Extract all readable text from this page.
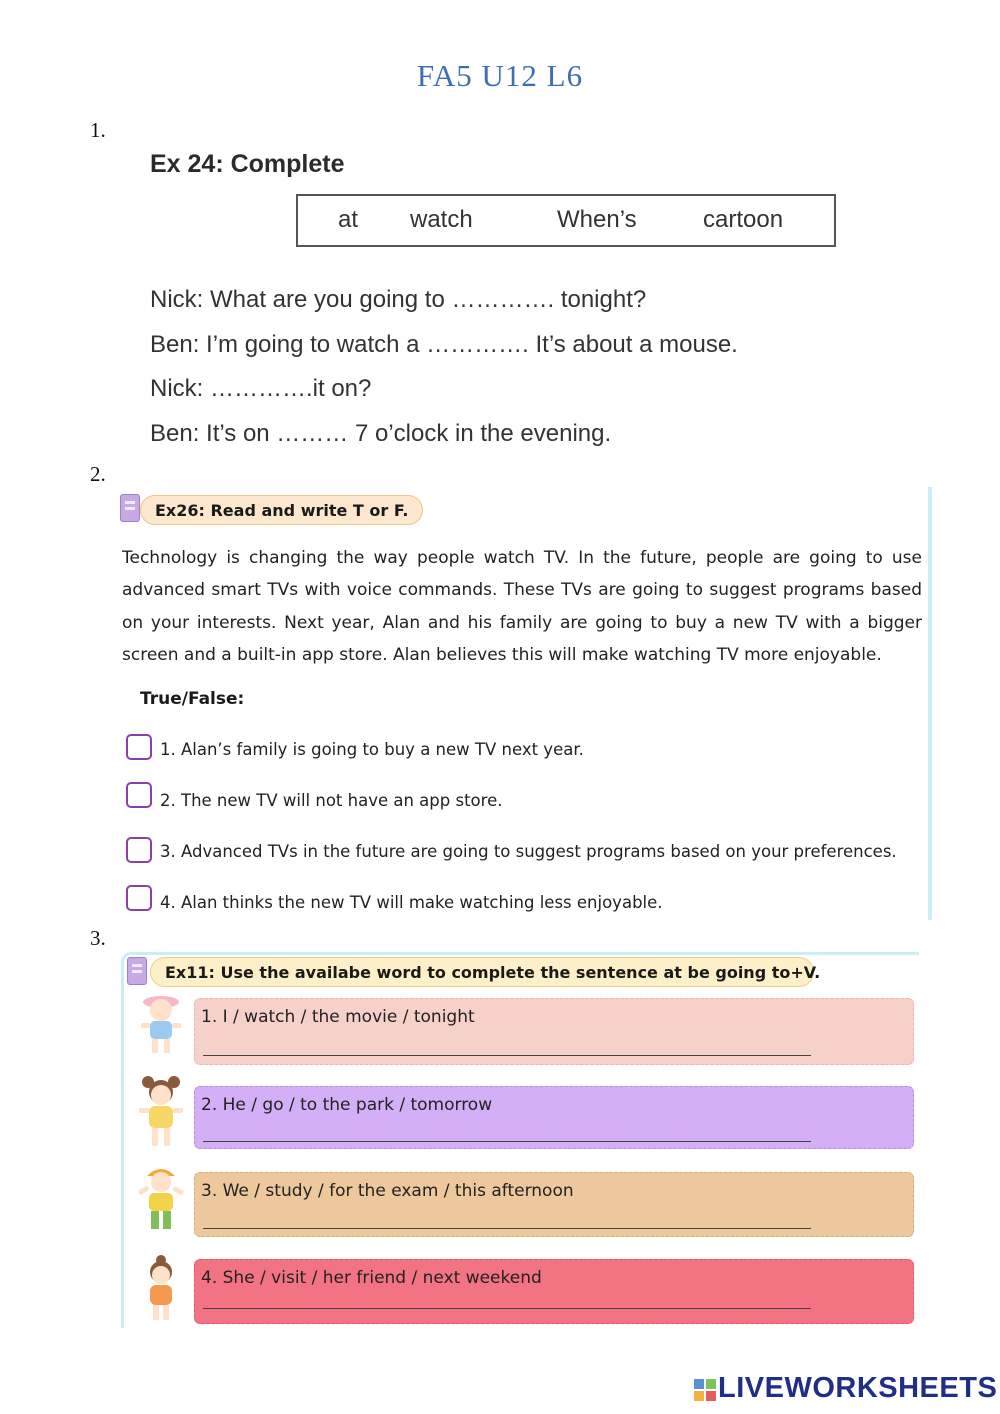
FA5 U12 L6
1.
Ex 24: Complete
at watch	When’s	cartoon
Nick: What are you going to …………. tonight?
Ben: I’m going to watch a …………. It’s about a mouse.
Nick: ………….it on?
Ben: It’s on ……… 7 o’clock in the evening.
2.
Ex26: Read and write T or F.
Technology is changing the way people watch TV. In the future, people are going to use advanced smart TVs with voice commands. These TVs are going to suggest programs based on your interests. Next year, Alan and his family are going to buy a new TV with a bigger screen and a built-in app store. Alan believes this will make watching TV more enjoyable.
True/False:
1. Alan’s family is going to buy a new TV next year.
2. The new TV will not have an app store.
3. Advanced TVs in the future are going to suggest programs based on your preferences.
4. Alan thinks the new TV will make watching less enjoyable.
3.
Ex11: Use the availabe word to complete the sentence at be going to+V.
1. I / watch / the movie / tonight
2. He / go / to the park / tomorrow
3. We / study / for the exam / this afternoon
4. She / visit / her friend / next weekend
LIVEWORKSHEETS
